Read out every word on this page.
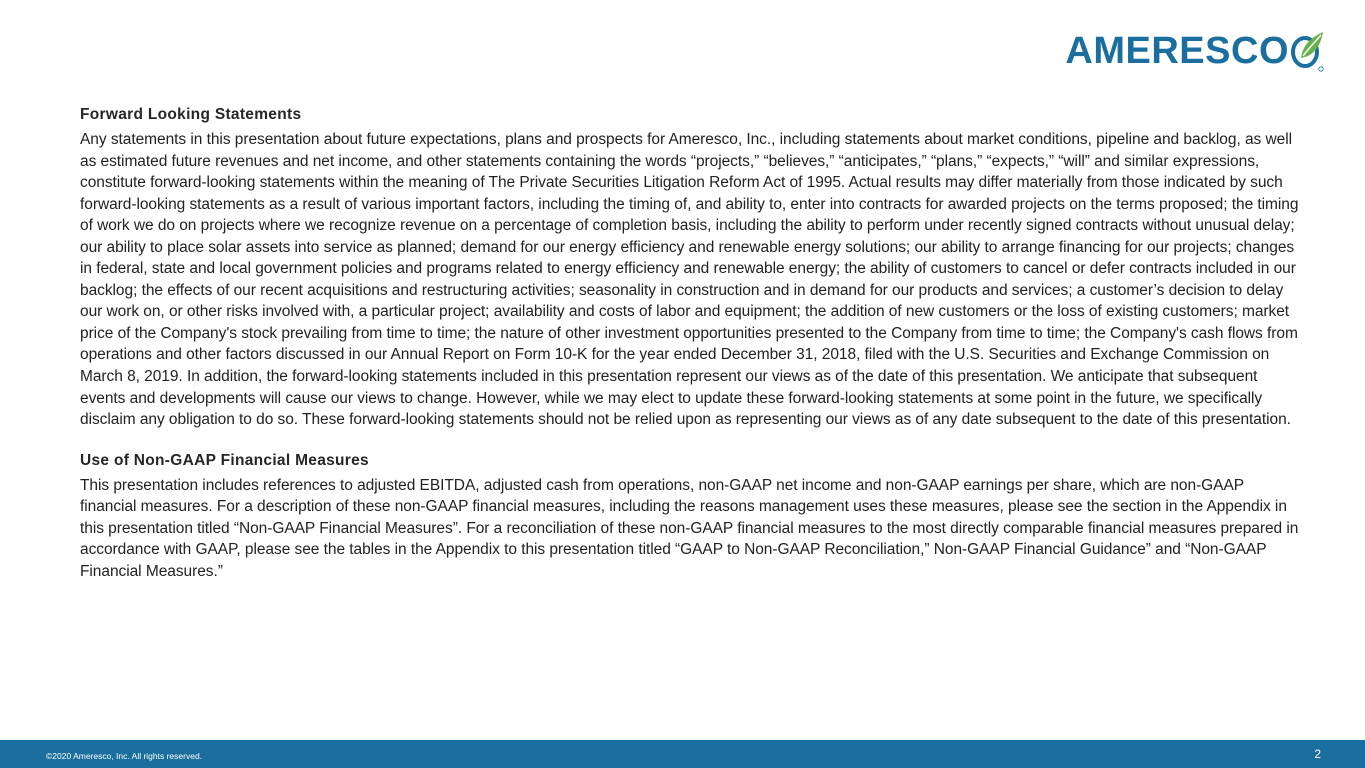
AMERESCO
Forward Looking Statements

Any statements in this presentation about future expectations, plans and prospects for Ameresco, Inc., including statements about market conditions, pipeline and backlog, as well as estimated future revenues and net income, and other statements containing the words “projects,” “believes,” “anticipates,” “plans,” “expects,” “will” and similar expressions, constitute forward-looking statements within the meaning of The Private Securities Litigation Reform Act of 1995. Actual results may differ materially from those indicated by such forward-looking statements as a result of various important factors, including the timing of, and ability to, enter into contracts for awarded projects on the terms proposed; the timing of work we do on projects where we recognize revenue on a percentage of completion basis, including the ability to perform under recently signed contracts without unusual delay; our ability to place solar assets into service as planned; demand for our energy efficiency and renewable energy solutions; our ability to arrange financing for our projects; changes in federal, state and local government policies and programs related to energy efficiency and renewable energy; the ability of customers to cancel or defer contracts included in our backlog; the effects of our recent acquisitions and restructuring activities; seasonality in construction and in demand for our products and services; a customer’s decision to delay our work on, or other risks involved with, a particular project; availability and costs of labor and equipment; the addition of new customers or the loss of existing customers; market price of the Company's stock prevailing from time to time; the nature of other investment opportunities presented to the Company from time to time; the Company's cash flows from operations and other factors discussed in our Annual Report on Form 10-K for the year ended December 31, 2018, filed with the U.S. Securities and Exchange Commission on March 8, 2019. In addition, the forward-looking statements included in this presentation represent our views as of the date of this presentation. We anticipate that subsequent events and developments will cause our views to change. However, while we may elect to update these forward-looking statements at some point in the future, we specifically disclaim any obligation to do so. These forward-looking statements should not be relied upon as representing our views as of any date subsequent to the date of this presentation.

Use of Non-GAAP Financial Measures

This presentation includes references to adjusted EBITDA, adjusted cash from operations, non-GAAP net income and non-GAAP earnings per share, which are non-GAAP financial measures. For a description of these non-GAAP financial measures, including the reasons management uses these measures, please see the section in the Appendix in this presentation titled “Non-GAAP Financial Measures”. For a reconciliation of these non-GAAP financial measures to the most directly comparable financial measures prepared in accordance with GAAP, please see the tables in the Appendix to this presentation titled “GAAP to Non-GAAP Reconciliation,” Non-GAAP Financial Guidance” and “Non-GAAP Financial Measures.”

©2020 Ameresco, Inc. All rights reserved.	2
